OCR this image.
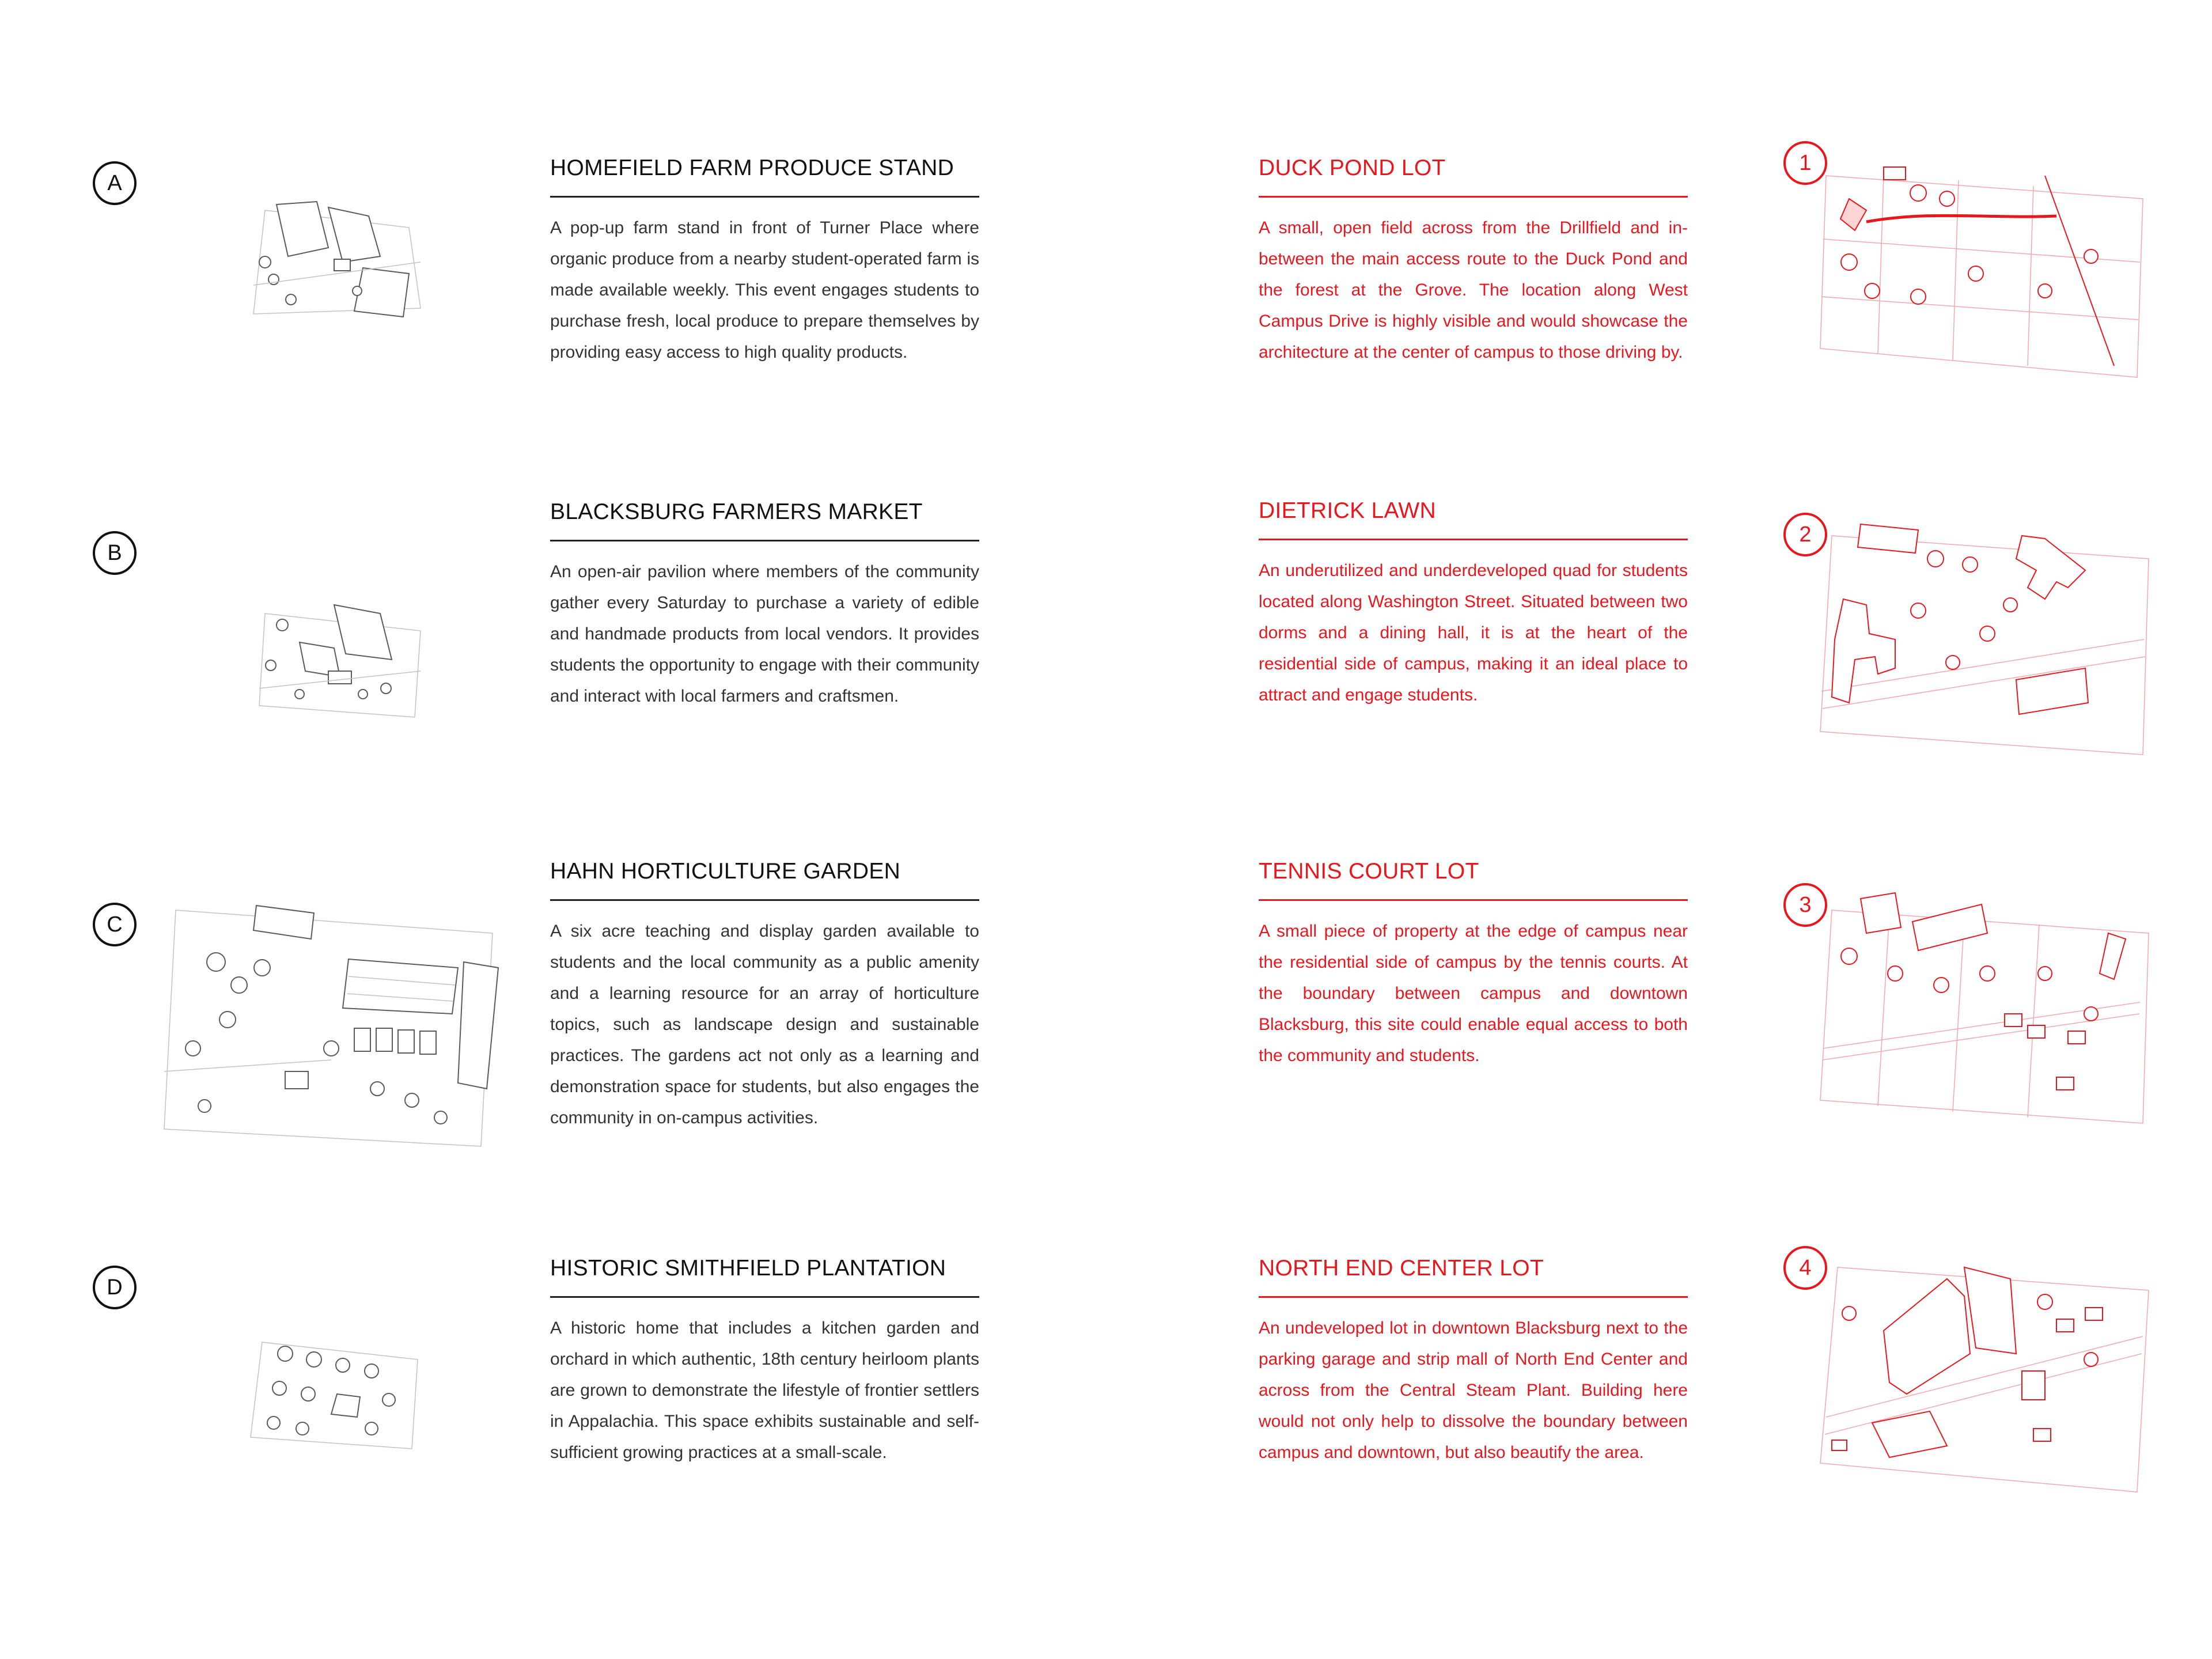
A
B
C
D
1
2
3
4
HOMEFIELD FARM PRODUCE STAND

A pop-up farm stand in front of Turner Place where organic produce from a nearby student-operated farm is made available weekly. This event engages students to purchase fresh, local produce to prepare themselves by providing easy access to high quality products.

BLACKSBURG FARMERS MARKET

An open-air pavilion where members of the community gather every Saturday to purchase a variety of edible and handmade products from local vendors. It provides students the opportunity to engage with their community and interact with local farmers and craftsmen.

HAHN HORTICULTURE GARDEN

A six acre teaching and display garden available to students and the local community as a public amenity and a learning resource for an array of horticulture topics, such as landscape design and sustainable practices. The gardens act not only as a learning and demonstration space for students, but also engages the community in on-campus activities.

HISTORIC SMITHFIELD PLANTATION

A historic home that includes a kitchen garden and orchard in which authentic, 18th century heirloom plants are grown to demonstrate the lifestyle of frontier settlers in Appalachia. This space exhibits sustainable and self-sufficient growing practices at a small-scale.

DUCK POND LOT

A small, open field across from the Drillfield and in-between the main access route to the Duck Pond and the forest at the Grove. The location along West Campus Drive is highly visible and would showcase the architecture at the center of campus to those driving by.

DIETRICK LAWN

An underutilized and underdeveloped quad for students located along Washington Street. Situated between two dorms and a dining hall, it is at the heart of the residential side of campus, making it an ideal place to attract and engage students.

TENNIS COURT LOT

A small piece of property at the edge of campus near the residential side of campus by the tennis courts. At the boundary between campus and downtown Blacksburg, this site could enable equal access to both the community and students.

NORTH END CENTER LOT

An undeveloped lot in downtown Blacksburg next to the parking garage and strip mall of North End Center and across from the Central Steam Plant. Building here would not only help to dissolve the boundary between campus and downtown, but also beautify the area.
